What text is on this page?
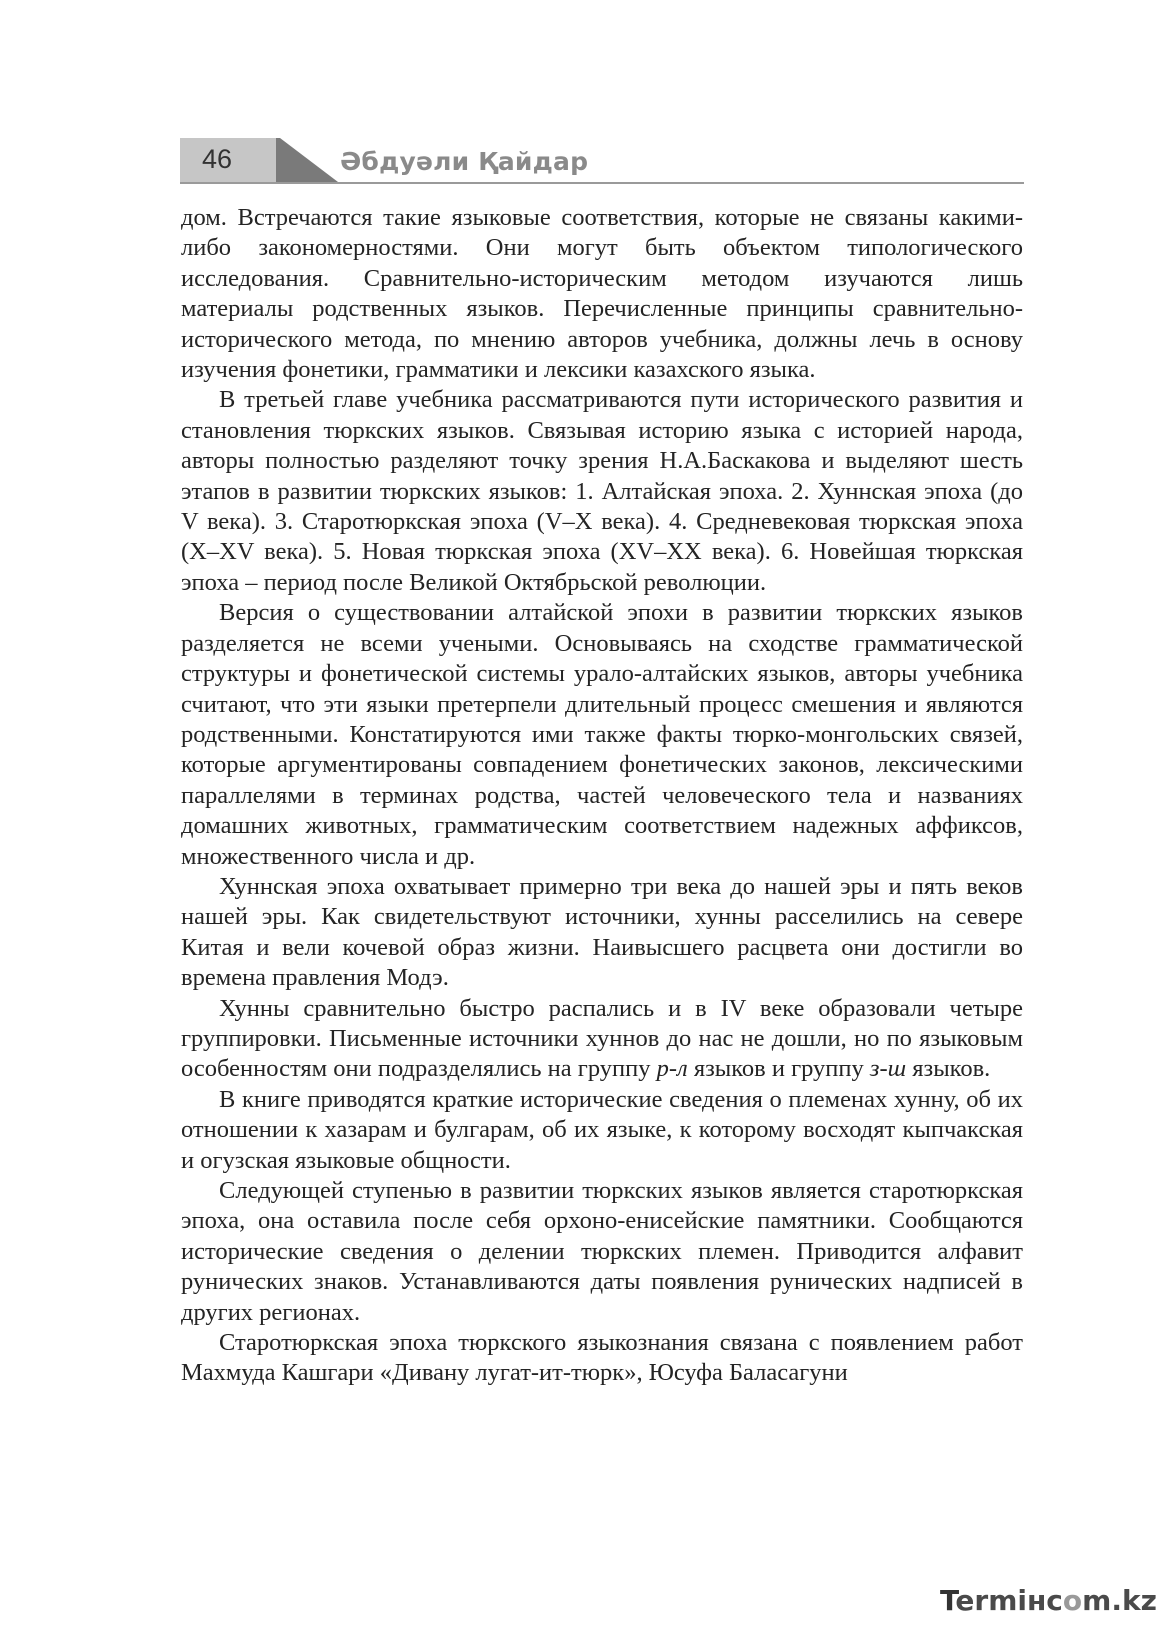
46	Әбдуәли Қайдар

дом. Встречаются такие языковые соответствия, которые не связаны какими-либо закономерностями. Они могут быть объектом типологического исследования. Сравнительно-историческим методом изучаются лишь материалы родственных языков. Перечисленные принципы сравнительно-исторического метода, по мнению авторов учебника, должны лечь в основу изучения фонетики, грамматики и лексики казахского языка.

В третьей главе учебника рассматриваются пути исторического развития и становления тюркских языков. Связывая историю языка с историей народа, авторы полностью разделяют точку зрения Н.А.Баскакова и выделяют шесть этапов в развитии тюркских языков: 1. Алтайская эпоха. 2. Хуннская эпоха (до V века). 3. Старотюркская эпоха (V–X века). 4. Средневековая тюркская эпоха (X–XV века). 5. Новая тюркская эпоха (XV–XX века). 6. Новейшая тюркская эпоха – период после Великой Октябрьской революции.

Версия о существовании алтайской эпохи в развитии тюркских языков разделяется не всеми учеными. Основываясь на сходстве грамматической структуры и фонетической системы урало-алтайских языков, авторы учебника считают, что эти языки претерпели длительный процесс смешения и являются родственными. Констатируются ими также факты тюрко-монгольских связей, которые аргументированы совпадением фонетических законов, лексическими параллелями в терминах родства, частей человеческого тела и названиях домашних животных, грамматическим соответствием надежных аффиксов, множественного числа и др.

Хуннская эпоха охватывает примерно три века до нашей эры и пять веков нашей эры. Как свидетельствуют источники, хунны расселились на севере Китая и вели кочевой образ жизни. Наивысшего расцвета они достигли во времена правления Модэ.

Хунны сравнительно быстро распались и в IV веке образовали четыре группировки. Письменные источники хуннов до нас не дошли, но по языковым особенностям они подразделялись на группу р-л языков и группу з-ш языков.

В книге приводятся краткие исторические сведения о племенах хунну, об их отношении к хазарам и булгарам, об их языке, к которому восходят кыпчакская и огузская языковые общности.

Следующей ступенью в развитии тюркских языков является старотюркская эпоха, она оставила после себя орхоно-енисейские памятники. Сообщаются исторические сведения о делении тюркских племен. Приводится алфавит рунических знаков. Устанавливаются даты появления рунических надписей в других регионах.

Старотюркская эпоха тюркского языкознания связана с появлением работ Махмуда Кашгари «Дивану лугат-ит-тюрк», Юсуфа Баласагуни

Termінсom.kz
